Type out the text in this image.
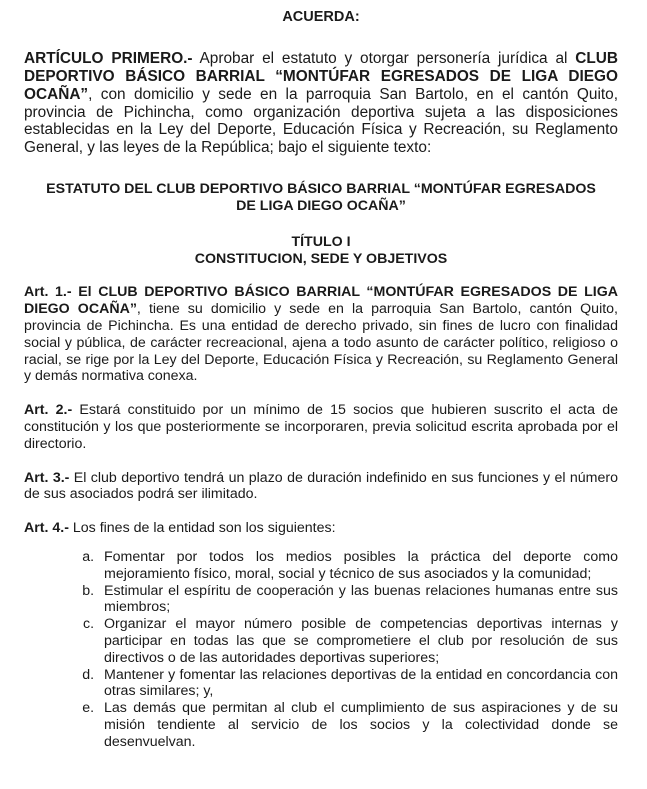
ACUERDA:

ARTÍCULO PRIMERO.- Aprobar el estatuto y otorgar personería jurídica al CLUB DEPORTIVO BÁSICO BARRIAL “MONTÚFAR EGRESADOS DE LIGA DIEGO OCAÑA”, con domicilio y sede en la parroquia San Bartolo, en el cantón Quito, provincia de Pichincha, como organización deportiva sujeta a las disposiciones establecidas en la Ley del Deporte, Educación Física y Recreación, su Reglamento General, y las leyes de la República; bajo el siguiente texto:

ESTATUTO DEL CLUB DEPORTIVO BÁSICO BARRIAL “MONTÚFAR EGRESADOS
DE LIGA DIEGO OCAÑA”
TÍTULO I
CONSTITUCION, SEDE Y OBJETIVOS

Art. 1.- El CLUB DEPORTIVO BÁSICO BARRIAL “MONTÚFAR EGRESADOS DE LIGA DIEGO OCAÑA”, tiene su domicilio y sede en la parroquia San Bartolo, cantón Quito, provincia de Pichincha. Es una entidad de derecho privado, sin fines de lucro con finalidad social y pública, de carácter recreacional, ajena a todo asunto de carácter político, religioso o racial, se rige por la Ley del Deporte, Educación Física y Recreación, su Reglamento General y demás normativa conexa.

Art. 2.- Estará constituido por un mínimo de 15 socios que hubieren suscrito el acta de constitución y los que posteriormente se incorporaren, previa solicitud escrita aprobada por el directorio.

Art. 3.- El club deportivo tendrá un plazo de duración indefinido en sus funciones y el número de sus asociados podrá ser ilimitado.

Art. 4.- Los fines de la entidad son los siguientes:

a. Fomentar por todos los medios posibles la práctica del deporte como mejoramiento físico, moral, social y técnico de sus asociados y la comunidad;
b. Estimular el espíritu de cooperación y las buenas relaciones humanas entre sus miembros;
c. Organizar el mayor número posible de competencias deportivas internas y participar en todas las que se comprometiere el club por resolución de sus directivos o de las autoridades deportivas superiores;
d. Mantener y fomentar las relaciones deportivas de la entidad en concordancia con otras similares; y,
e. Las demás que permitan al club el cumplimiento de sus aspiraciones y de su misión tendiente al servicio de los socios y la colectividad donde se desenvuelvan.
